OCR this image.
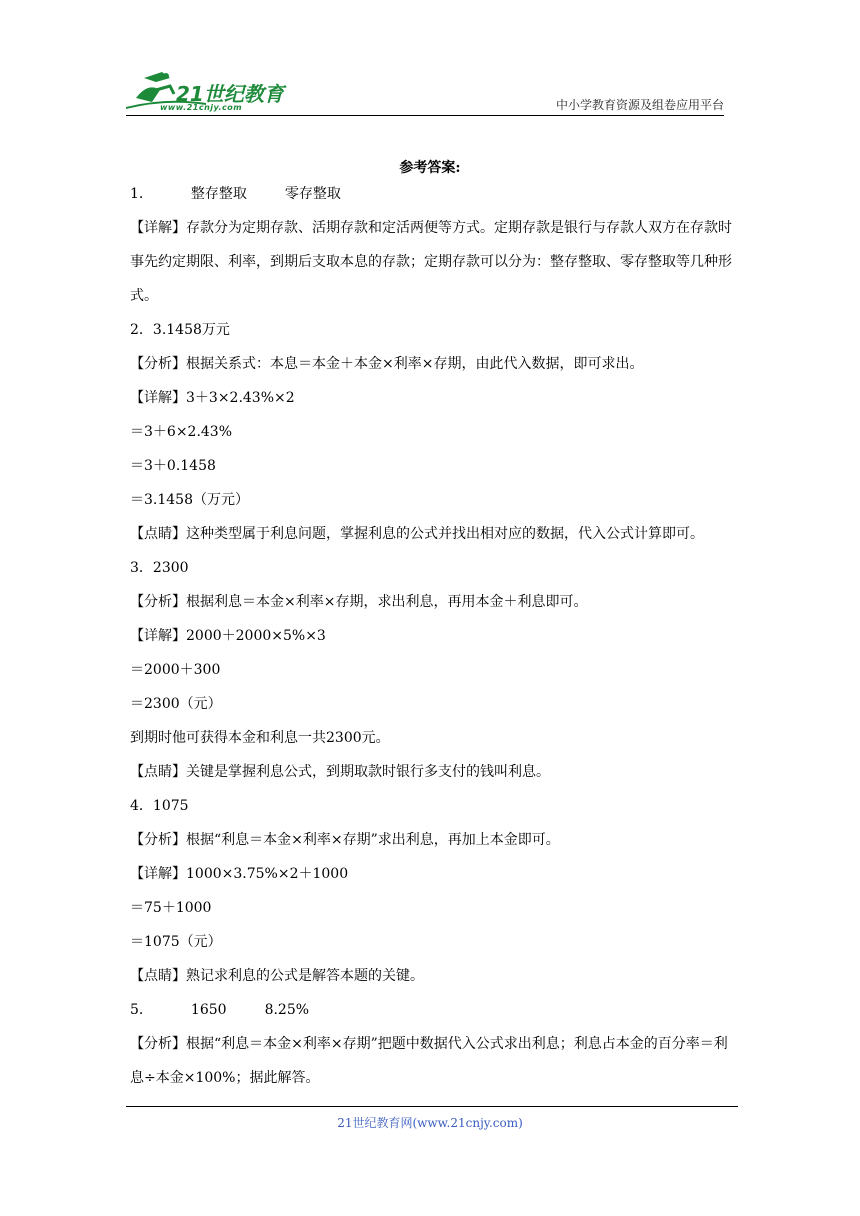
21世纪教育
www.21cnjy.com	中小学教育资源及组卷应用平台
参考答案:
1．	整存整取	零存整取
【详解】存款分为定期存款、活期存款和定活两便等方式。定期存款是银行与存款人双方在存款时事先约定期限、利率，到期后支取本息的存款；定期存款可以分为：整存整取、零存整取等几种形式。
2．3.1458万元
【分析】根据关系式：本息＝本金＋本金×利率×存期，由此代入数据，即可求出。
【详解】3＋3×2.43%×2
＝3＋6×2.43%
＝3＋0.1458
＝3.1458（万元）
【点睛】这种类型属于利息问题，掌握利息的公式并找出相对应的数据，代入公式计算即可。
3．2300
【分析】根据利息＝本金×利率×存期，求出利息，再用本金＋利息即可。
【详解】2000＋2000×5%×3
＝2000＋300
＝2300（元）
到期时他可获得本金和利息一共2300元。
【点睛】关键是掌握利息公式，到期取款时银行多支付的钱叫利息。
4．1075
【分析】根据“利息＝本金×利率×存期”求出利息，再加上本金即可。
【详解】1000×3.75%×2＋1000
＝75＋1000
＝1075（元）
【点睛】熟记求利息的公式是解答本题的关键。
5．	1650	8.25%
【分析】根据“利息＝本金×利率×存期”把题中数据代入公式求出利息；利息占本金的百分率＝利息÷本金×100%；据此解答。
21世纪教育网(www.21cnjy.com)
